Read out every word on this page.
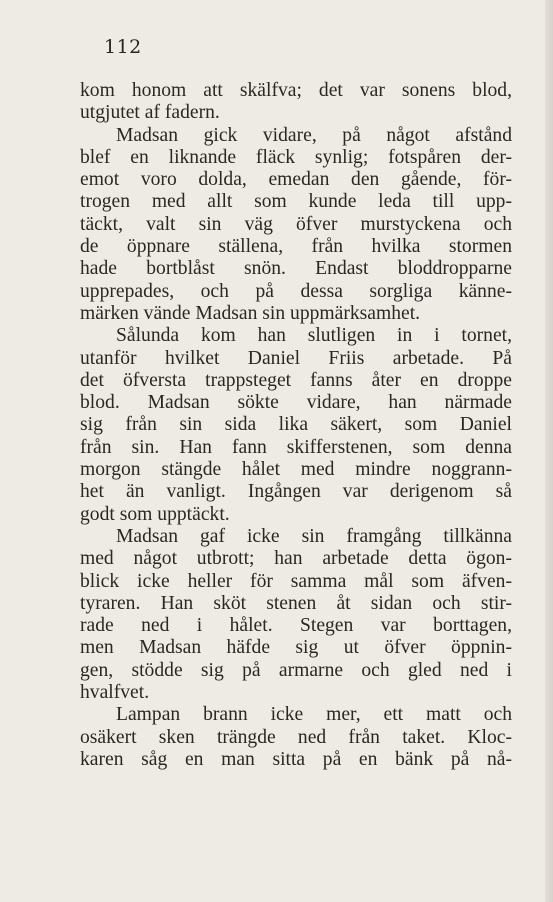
112
kom honom att skälfva; det var sonens blod,
utgjutet af fadern.
Madsan gick vidare, på något afstånd
blef en liknande fläck synlig; fotspåren der-
emot voro dolda, emedan den gående, för-
trogen med allt som kunde leda till upp-
täckt, valt sin väg öfver murstyckena och
de öppnare ställena, från hvilka stormen
hade bortblåst snön. Endast bloddropparne
upprepades, och på dessa sorgliga känne-
märken vände Madsan sin uppmärksamhet.
Sålunda kom han slutligen in i tornet,
utanför hvilket Daniel Friis arbetade. På
det öfversta trappsteget fanns åter en droppe
blod. Madsan sökte vidare, han närmade
sig från sin sida lika säkert, som Daniel
från sin. Han fann skifferstenen, som denna
morgon stängde hålet med mindre noggrann-
het än vanligt. Ingången var derigenom så
godt som upptäckt.
Madsan gaf icke sin framgång tillkänna
med något utbrott; han arbetade detta ögon-
blick icke heller för samma mål som äfven-
tyraren. Han sköt stenen åt sidan och stir-
rade ned i hålet. Stegen var borttagen,
men Madsan häfde sig ut öfver öppnin-
gen, stödde sig på armarne och gled ned i
hvalfvet.
Lampan brann icke mer, ett matt och
osäkert sken trängde ned från taket. Kloc-
karen såg en man sitta på en bänk på nå-
